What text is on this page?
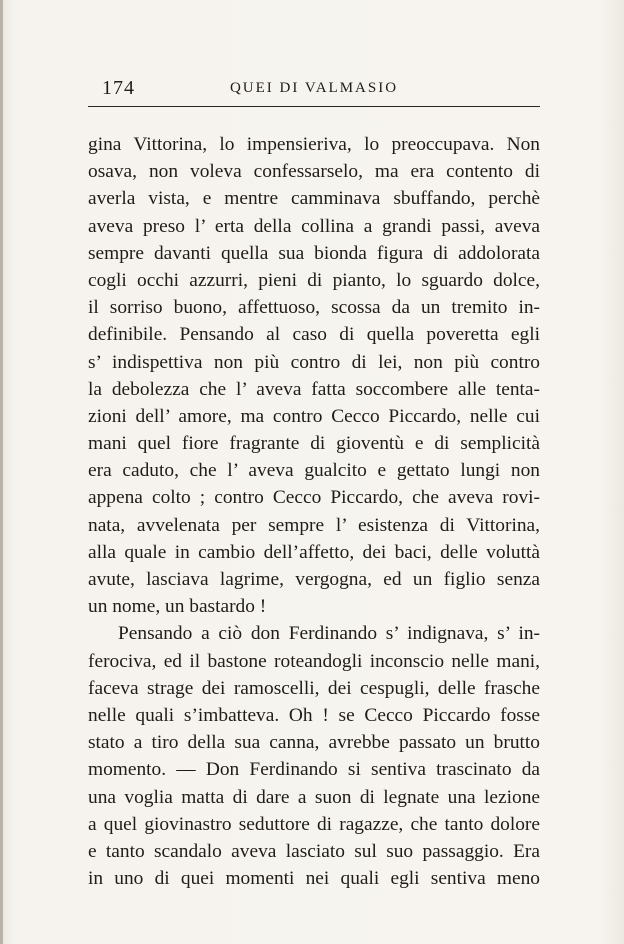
174	QUEI DI VALMASIO
gina Vittorina, lo impensieriva, lo preoccupava. Non
osava, non voleva confessarselo, ma era contento di
averla vista, e mentre camminava sbuffando, perchè
aveva preso l’ erta della collina a grandi passi, aveva
sempre davanti quella sua bionda figura di addolorata
cogli occhi azzurri, pieni di pianto, lo sguardo dolce,
il sorriso buono, affettuoso, scossa da un tremito in-
definibile. Pensando al caso di quella poveretta egli
s’ indispettiva non più contro di lei, non più contro
la debolezza che l’ aveva fatta soccombere alle tenta-
zioni dell’ amore, ma contro Cecco Piccardo, nelle cui
mani quel fiore fragrante di gioventù e di semplicità
era caduto, che l’ aveva gualcito e gettato lungi non
appena colto ; contro Cecco Piccardo, che aveva rovi-
nata, avvelenata per sempre l’ esistenza di Vittorina,
alla quale in cambio dell’affetto, dei baci, delle voluttà
avute, lasciava lagrime, vergogna, ed un figlio senza
un nome, un bastardo !
Pensando a ciò don Ferdinando s’ indignava, s’ in-
ferociva, ed il bastone roteandogli inconscio nelle mani,
faceva strage dei ramoscelli, dei cespugli, delle frasche
nelle quali s’imbatteva. Oh ! se Cecco Piccardo fosse
stato a tiro della sua canna, avrebbe passato un brutto
momento. — Don Ferdinando si sentiva trascinato da
una voglia matta di dare a suon di legnate una lezione
a quel giovinastro seduttore di ragazze, che tanto dolore
e tanto scandalo aveva lasciato sul suo passaggio. Era
in uno di quei momenti nei quali egli sentiva meno
